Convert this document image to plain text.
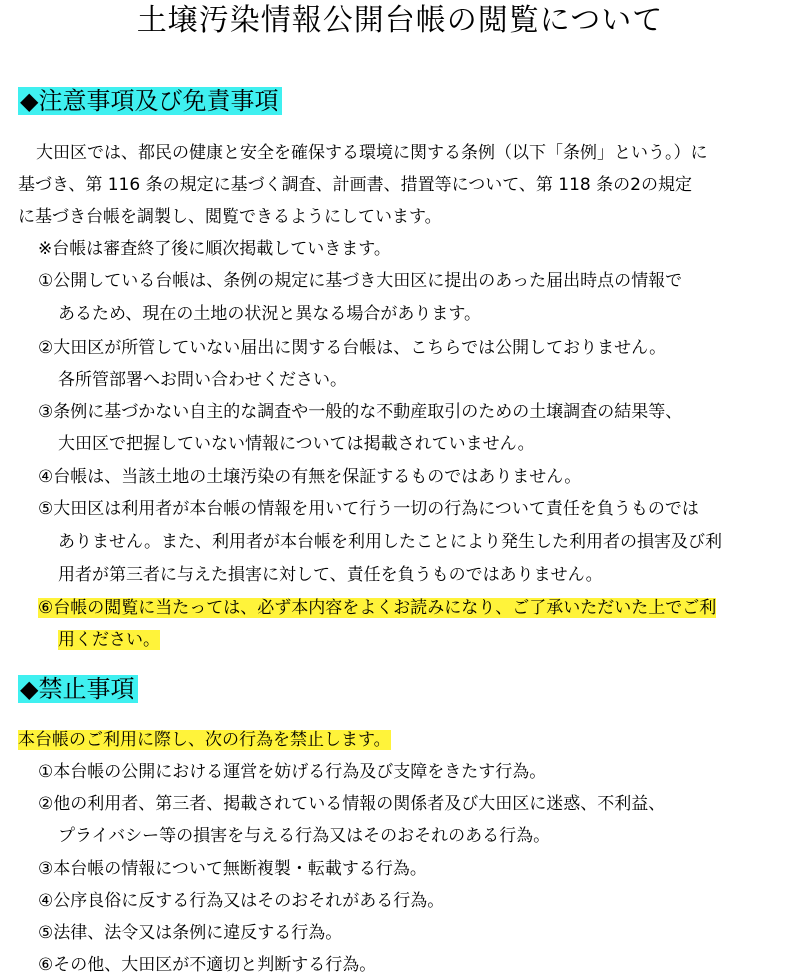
土壌汚染情報公開台帳の閲覧について
◆注意事項及び免責事項
大田区では、都民の健康と安全を確保する環境に関する条例（以下「条例」という。）に
基づき、第 116 条の規定に基づく調査、計画書、措置等について、第 118 条の2の規定
に基づき台帳を調製し、閲覧できるようにしています。
※台帳は審査終了後に順次掲載していきます。
①公開している台帳は、条例の規定に基づき大田区に提出のあった届出時点の情報で
あるため、現在の土地の状況と異なる場合があります。
②大田区が所管していない届出に関する台帳は、こちらでは公開しておりません。
各所管部署へお問い合わせください。
③条例に基づかない自主的な調査や一般的な不動産取引のための土壌調査の結果等、
大田区で把握していない情報については掲載されていません。
④台帳は、当該土地の土壌汚染の有無を保証するものではありません。
⑤大田区は利用者が本台帳の情報を用いて行う一切の行為について責任を負うものでは
ありません。また、利用者が本台帳を利用したことにより発生した利用者の損害及び利
用者が第三者に与えた損害に対して、責任を負うものではありません。
⑥台帳の閲覧に当たっては、必ず本内容をよくお読みになり、ご了承いただいた上でご利
用ください。
◆禁止事項
本台帳のご利用に際し、次の行為を禁止します。
①本台帳の公開における運営を妨げる行為及び支障をきたす行為。
②他の利用者、第三者、掲載されている情報の関係者及び大田区に迷惑、不利益、
プライバシー等の損害を与える行為又はそのおそれのある行為。
③本台帳の情報について無断複製・転載する行為。
④公序良俗に反する行為又はそのおそれがある行為。
⑤法律、法令又は条例に違反する行為。
⑥その他、大田区が不適切と判断する行為。
